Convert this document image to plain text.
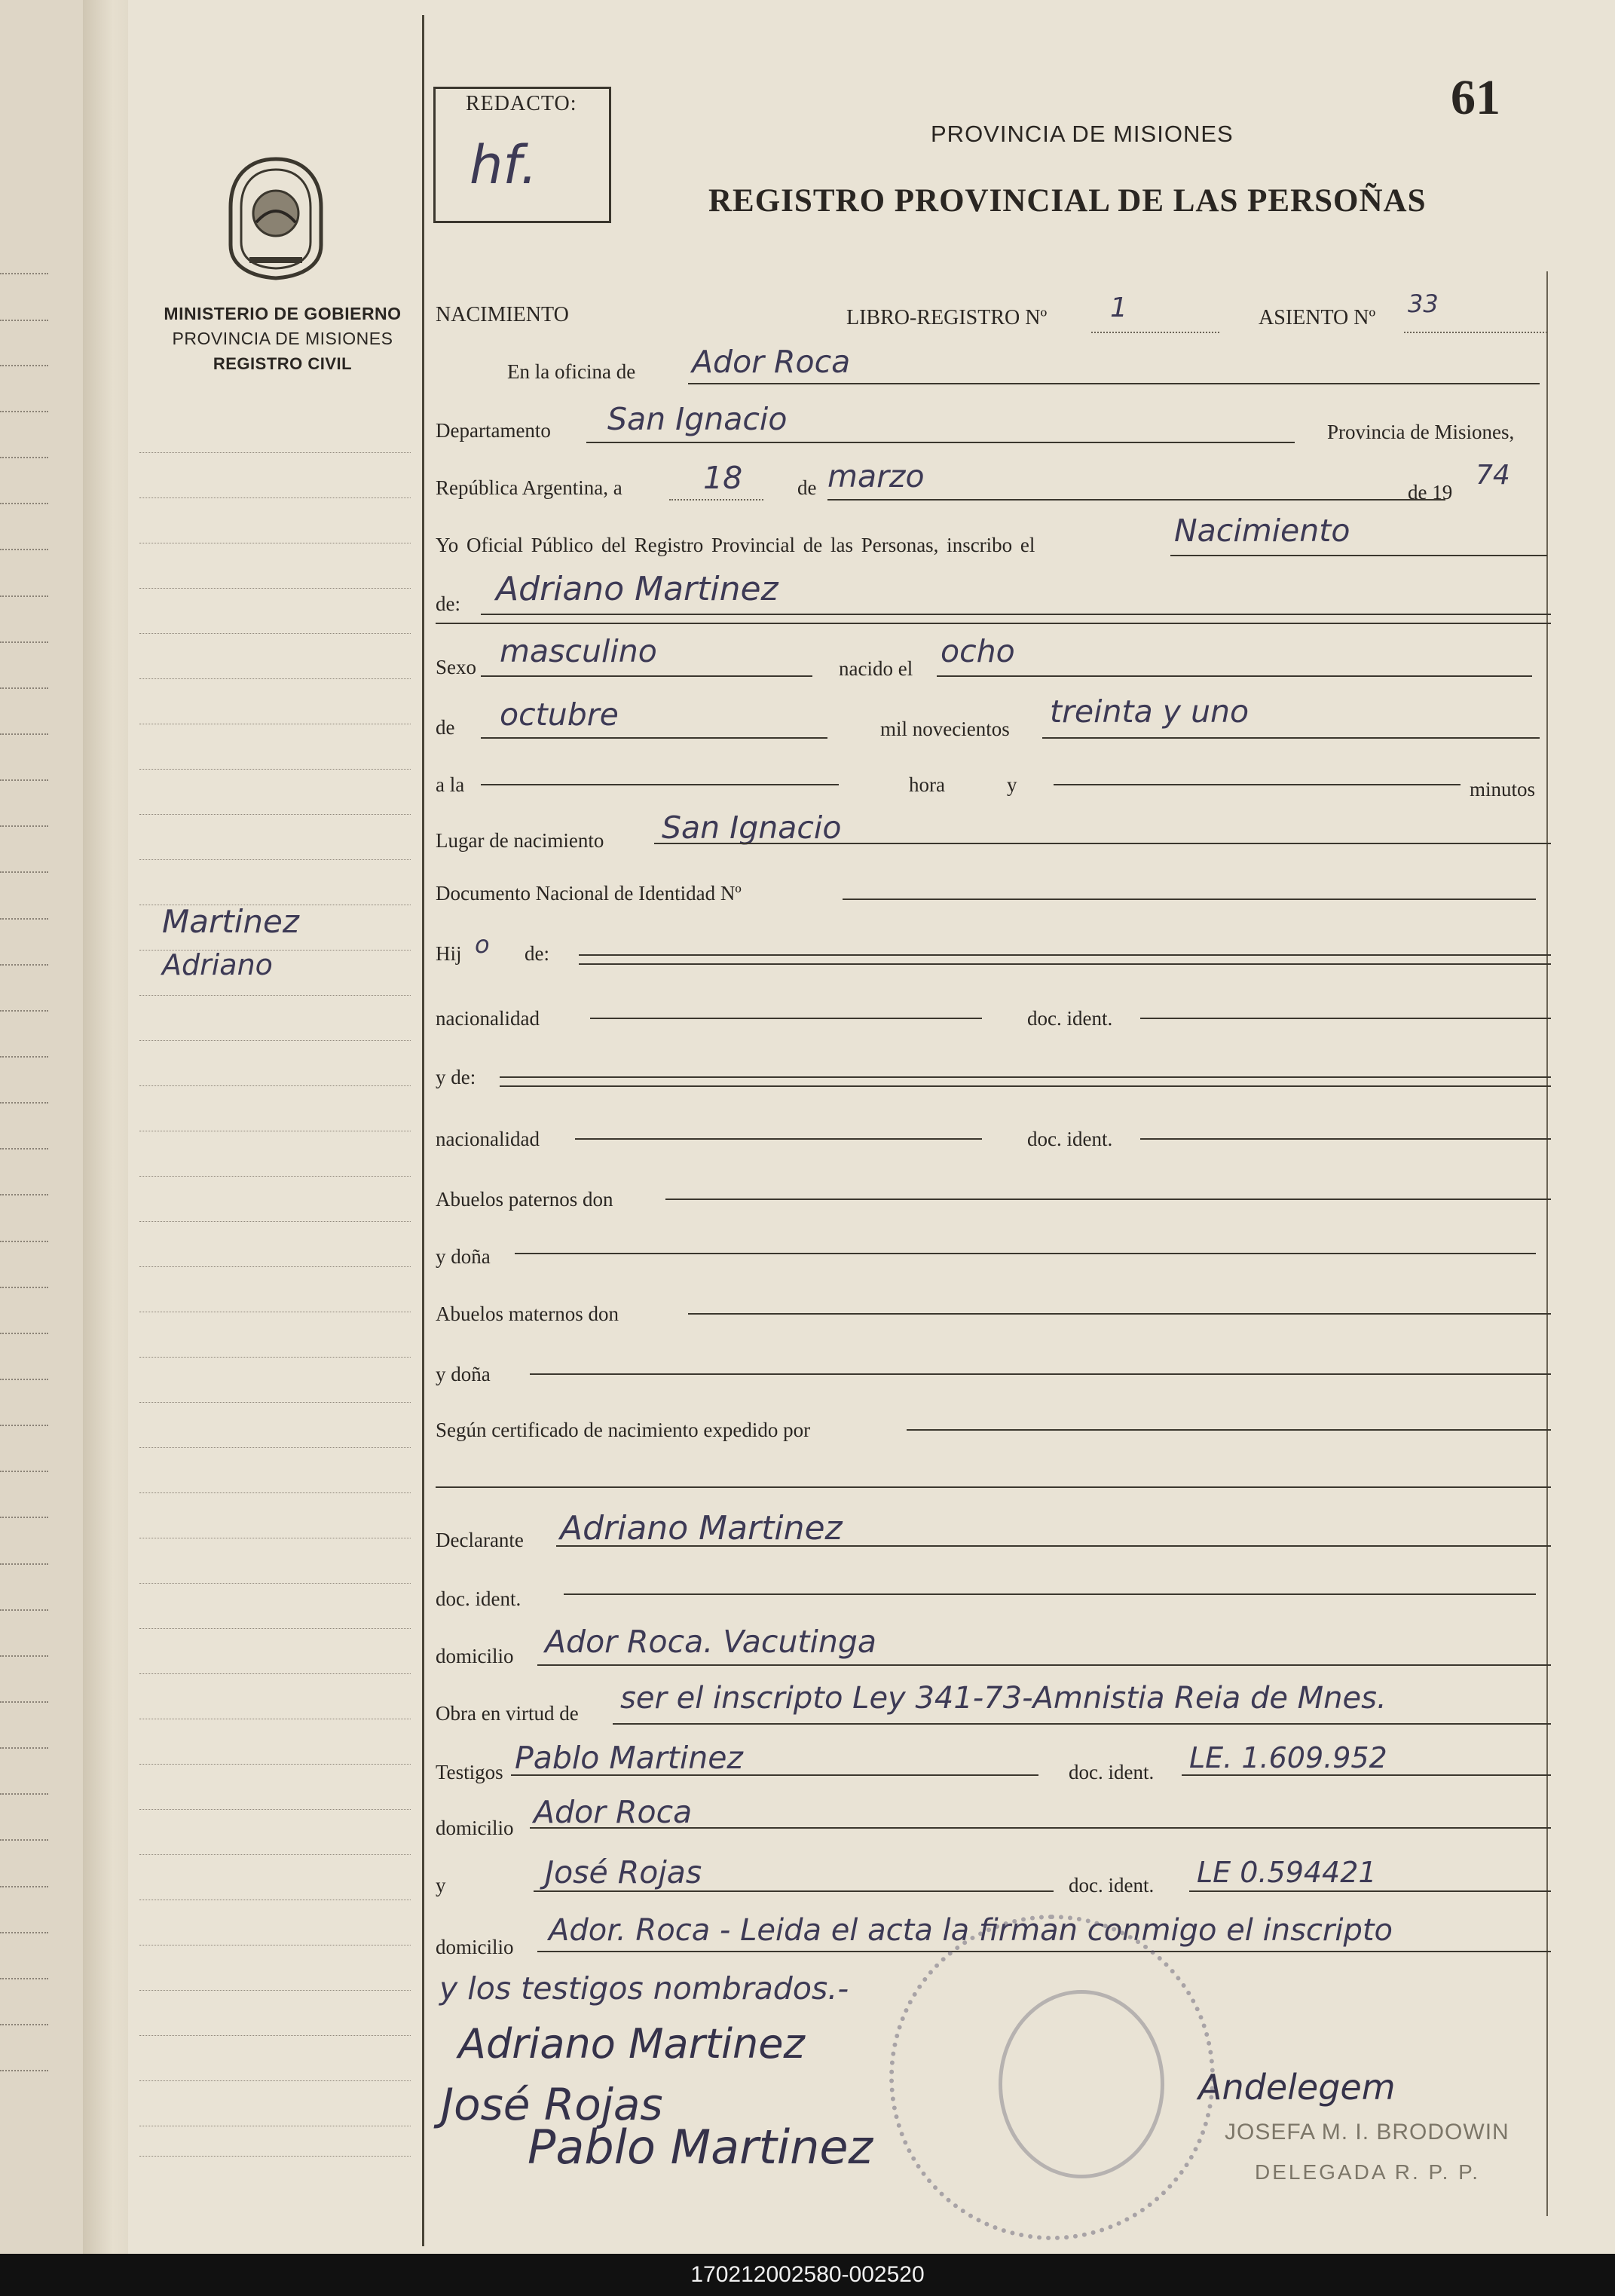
MINISTERIO DE GOBIERNO
PROVINCIA DE MISIONES
REGISTRO CIVIL
Martinez
Adriano
REDACTO:
hf.
61
PROVINCIA DE MISIONES
REGISTRO PROVINCIAL DE LAS PERSOÑAS
NACIMIENTO	LIBRO-REGISTRO Nº 1	ASIENTO Nº 33
En la oficina de Ador Roca
Departamento San Ignacio	Provincia de Misiones,
República Argentina, a	18	de marzo	de 19
74
Yo Oficial Público del Registro Provincial de las Personas, inscribo el	Nacimiento
de: Adriano Martinez
Sexo masculino	nacido el ocho
de octubre	mil novecientos treinta y uno
a la	hora	y	minutos
Lugar de nacimiento San Ignacio
Documento Nacional de Identidad Nº
Hij o de:
nacionalidad	doc. ident.
y de:
nacionalidad	doc. ident.
Abuelos paternos don
y doña
Abuelos maternos don
y doña
Según certificado de nacimiento expedido por
Declarante Adriano Martinez
doc. ident.
domicilio Ador Roca. Vacutinga
Obra en virtud de ser el inscripto Ley 341-73-Amnistia Reia de Mnes.
Testigos Pablo Martinez	doc. ident. LE. 1.609.952
domicilio Ador Roca
y	José Rojas	doc. ident. LE 0.594421
domicilio Ador. Roca - Leida el acta la firman conmigo el inscripto
y los testigos nombrados.-
Adriano Martinez
José Rojas
Pablo Martinez
Andelegem
JOSEFA M. I. BRODOWIN
DELEGADA R. P. P.
170212002580-002520
